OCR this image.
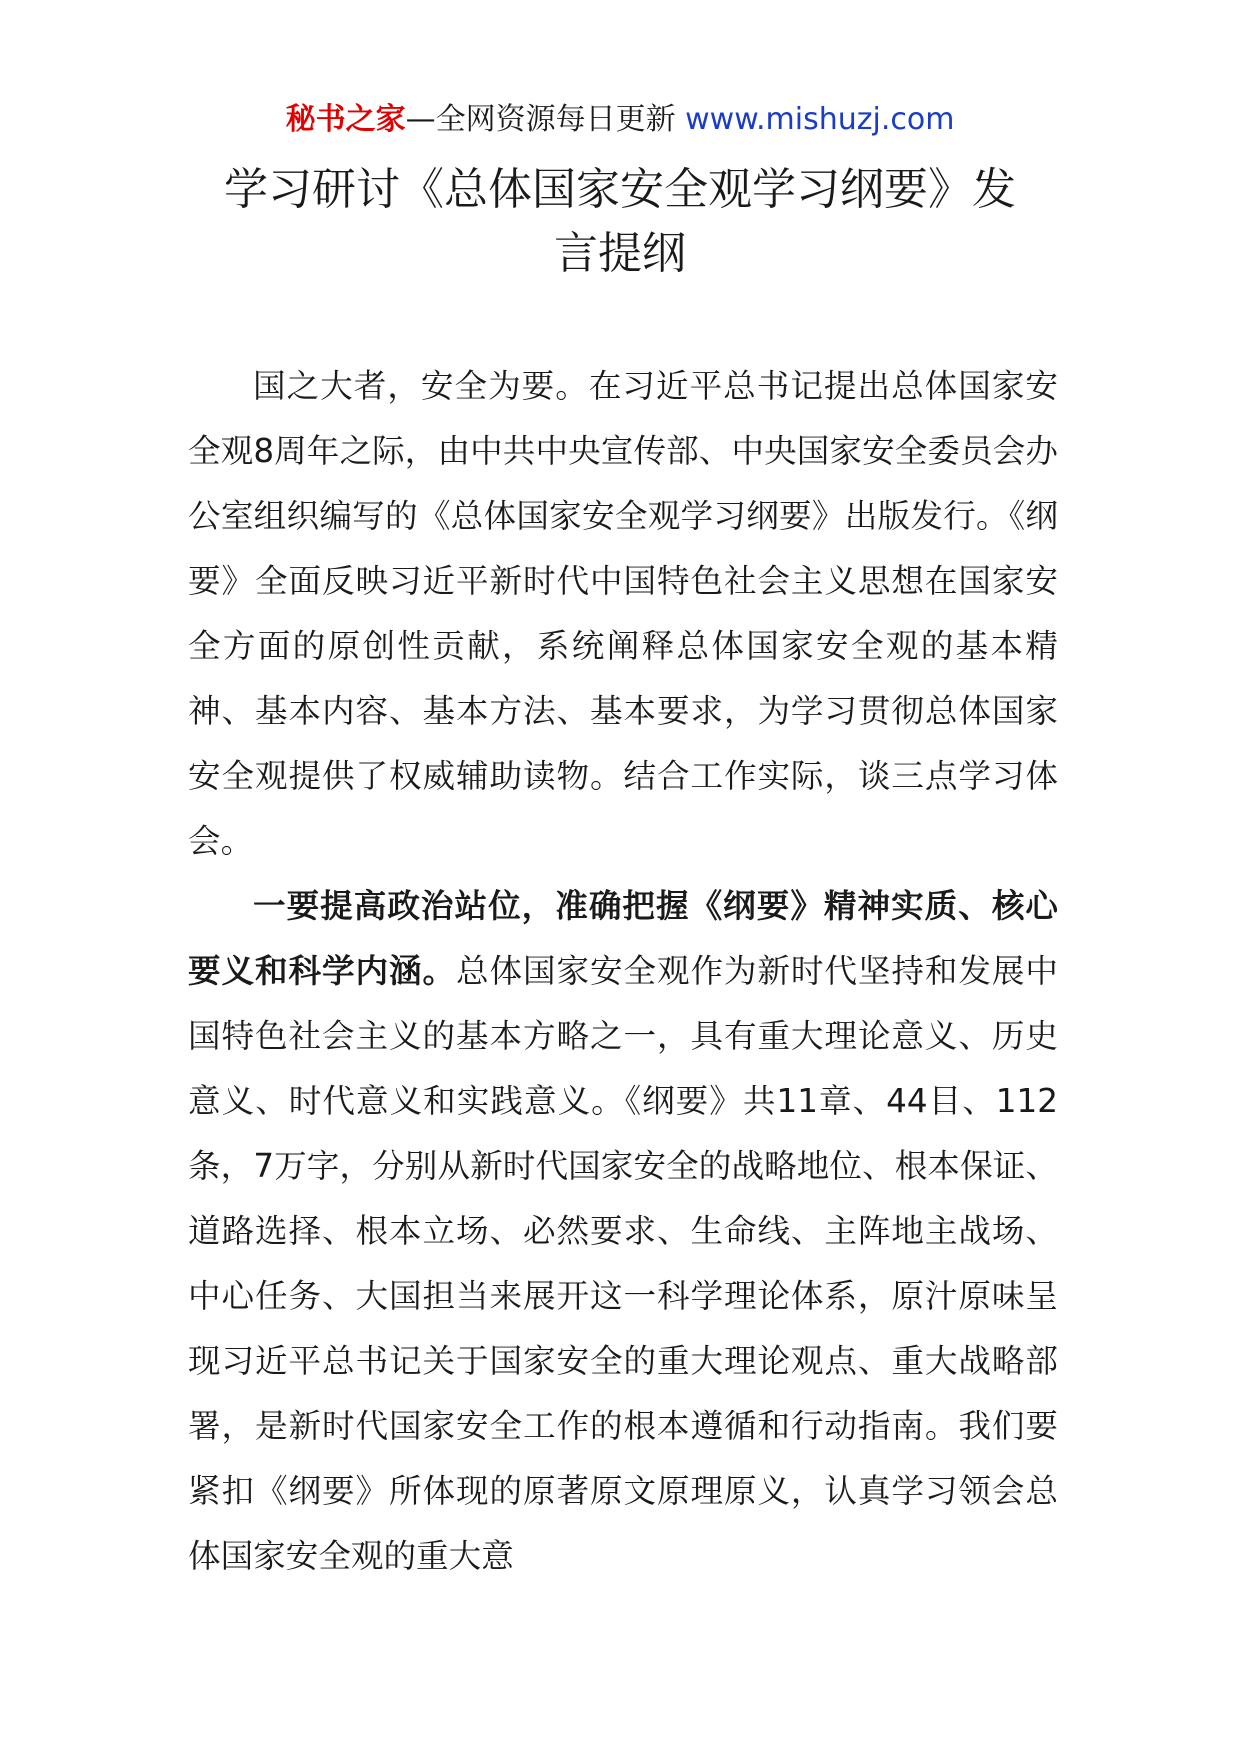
秘书之家—全网资源每日更新 www.mishuzj.com
学习研讨《总体国家安全观学习纲要》发
言提纲

国之大者，安全为要。在习近平总书记提出总体国家安全观8周年之际，由中共中央宣传部、中央国家安全委员会办公室组织编写的《总体国家安全观学习纲要》出版发行。《纲要》全面反映习近平新时代中国特色社会主义思想在国家安全方面的原创性贡献，系统阐释总体国家安全观的基本精神、基本内容、基本方法、基本要求，为学习贯彻总体国家安全观提供了权威辅助读物。结合工作实际，谈三点学习体会。

一要提高政治站位，准确把握《纲要》精神实质、核心要义和科学内涵。总体国家安全观作为新时代坚持和发展中国特色社会主义的基本方略之一，具有重大理论意义、历史意义、时代意义和实践意义。《纲要》共11章、44目、112条，7万字，分别从新时代国家安全的战略地位、根本保证、道路选择、根本立场、必然要求、生命线、主阵地主战场、中心任务、大国担当来展开这一科学理论体系，原汁原味呈现习近平总书记关于国家安全的重大理论观点、重大战略部署，是新时代国家安全工作的根本遵循和行动指南。我们要紧扣《纲要》所体现的原著原文原理原义，认真学习领会总体国家安全观的重大意
